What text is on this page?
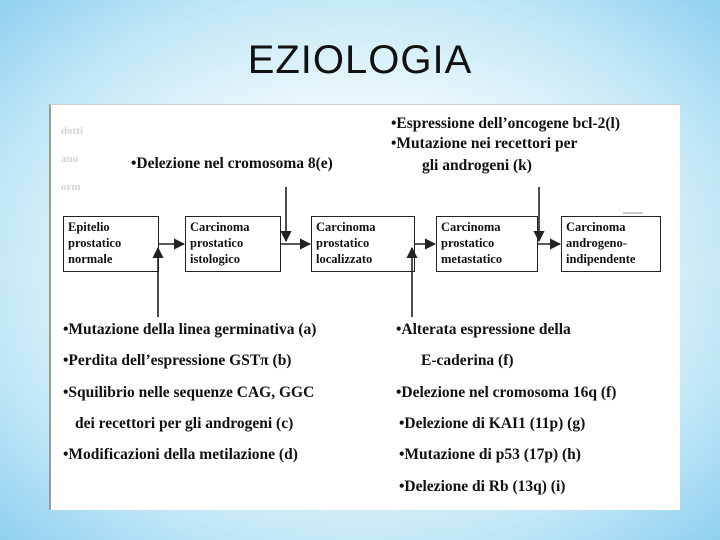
EZIOLOGIA
dotti
ano
orm
•Delezione nel cromosoma 8(e)
•Espressione dell’oncogene bcl-2(l)
•Mutazione nei recettori per
gli androgeni (k)
Epitelio
prostatico
normale
Carcinoma
prostatico
istologico
Carcinoma
prostatico
localizzato
Carcinoma
prostatico
metastatico
Carcinoma
androgeno-
indipendente
•Mutazione della linea germinativa (a)
•Perdita dell’espressione GSTπ (b)
•Squilibrio nelle sequenze CAG, GGC
dei recettori per gli androgeni (c)
•Modificazioni della metilazione (d)
•Alterata espressione della
E-caderina (f)
•Delezione nel cromosoma 16q (f)
•Delezione di KAI1 (11p) (g)
•Mutazione di p53 (17p) (h)
•Delezione di Rb (13q) (i)
